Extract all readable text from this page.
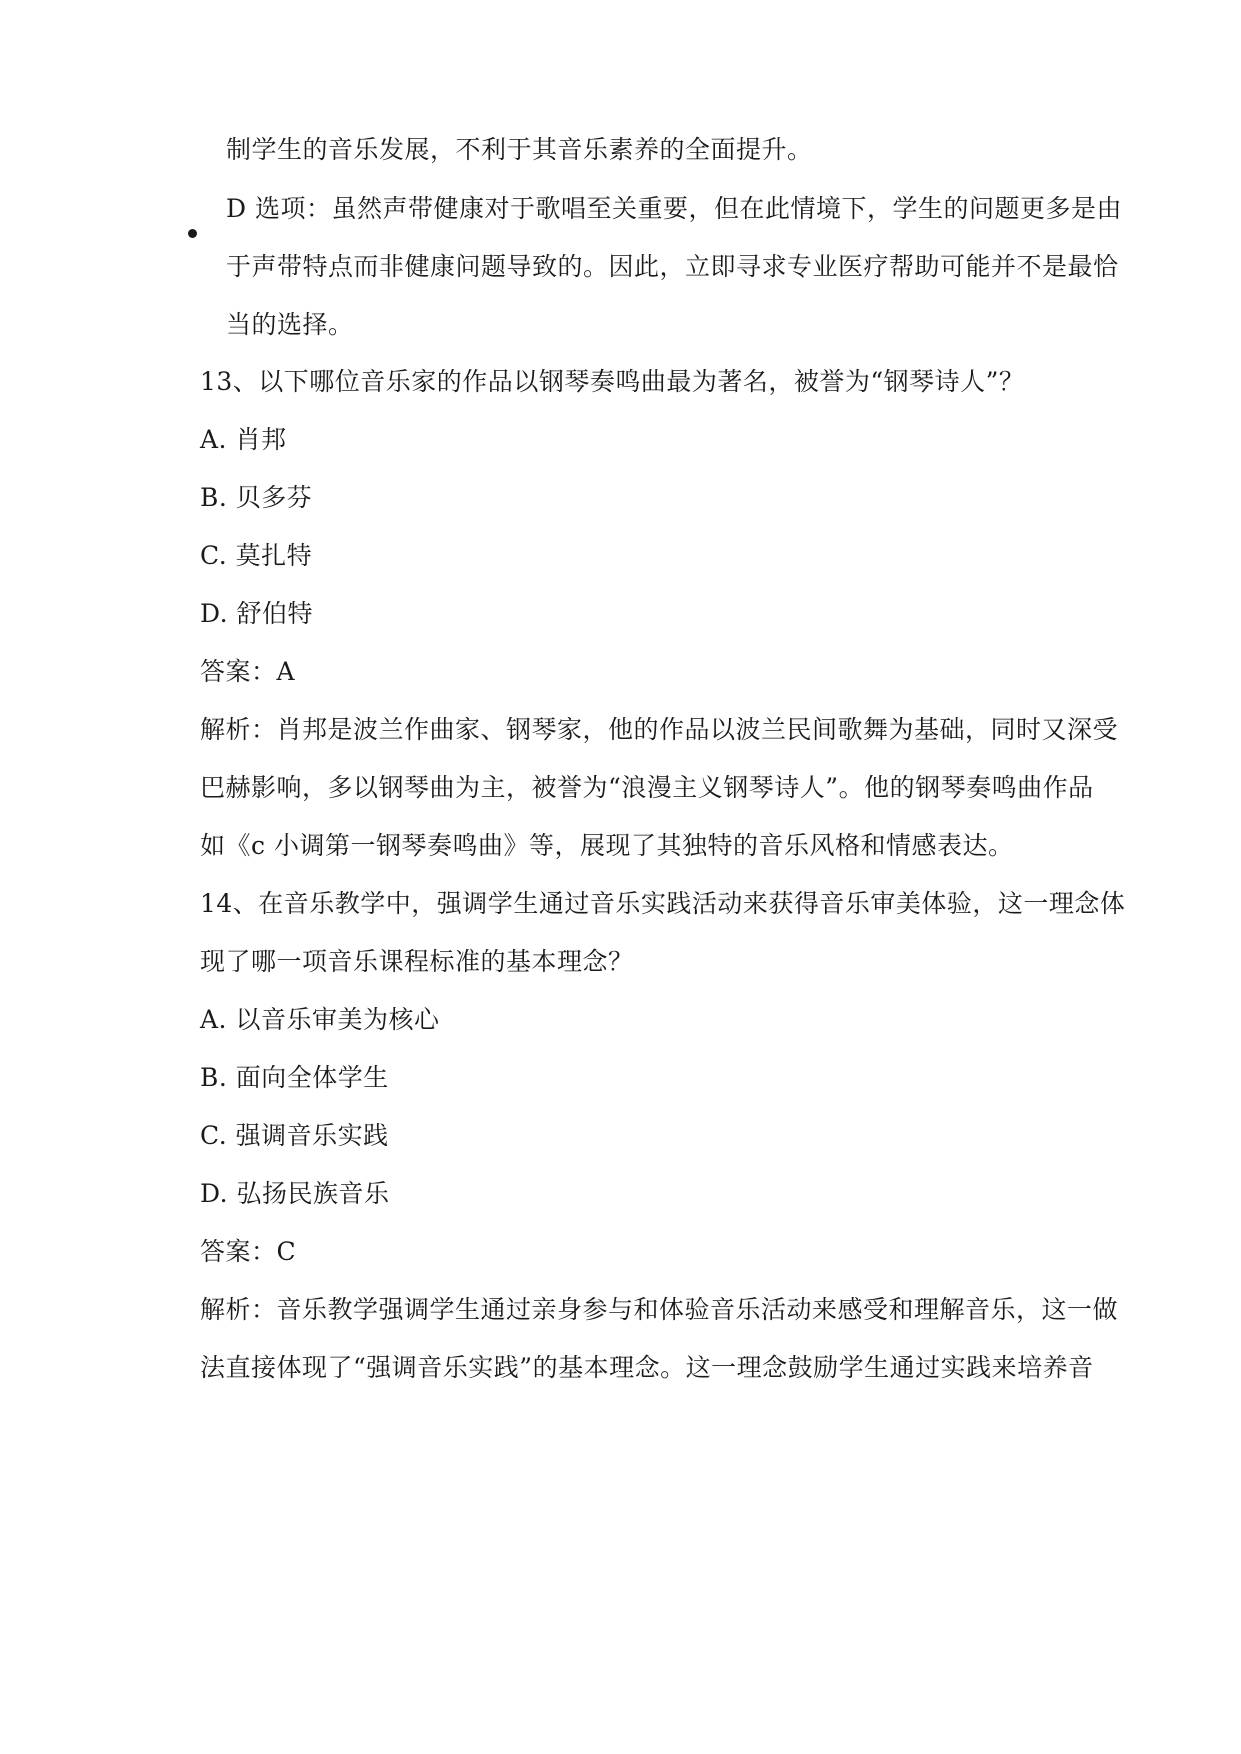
制学生的音乐发展，不利于其音乐素养的全面提升。
D 选项：虽然声带健康对于歌唱至关重要，但在此情境下，学生的问题更多是由
于声带特点而非健康问题导致的。因此，立即寻求专业医疗帮助可能并不是最恰
当的选择。
13、以下哪位音乐家的作品以钢琴奏鸣曲最为著名，被誉为“钢琴诗人”？
A. 肖邦
B. 贝多芬
C. 莫扎特
D. 舒伯特
答案：A
解析：肖邦是波兰作曲家、钢琴家，他的作品以波兰民间歌舞为基础，同时又深受
巴赫影响，多以钢琴曲为主，被誉为“浪漫主义钢琴诗人”。他的钢琴奏鸣曲作品
如《c 小调第一钢琴奏鸣曲》等，展现了其独特的音乐风格和情感表达。
14、在音乐教学中，强调学生通过音乐实践活动来获得音乐审美体验，这一理念体
现了哪一项音乐课程标准的基本理念？
A. 以音乐审美为核心
B. 面向全体学生
C. 强调音乐实践
D. 弘扬民族音乐
答案：C
解析：音乐教学强调学生通过亲身参与和体验音乐活动来感受和理解音乐，这一做
法直接体现了“强调音乐实践”的基本理念。这一理念鼓励学生通过实践来培养音
